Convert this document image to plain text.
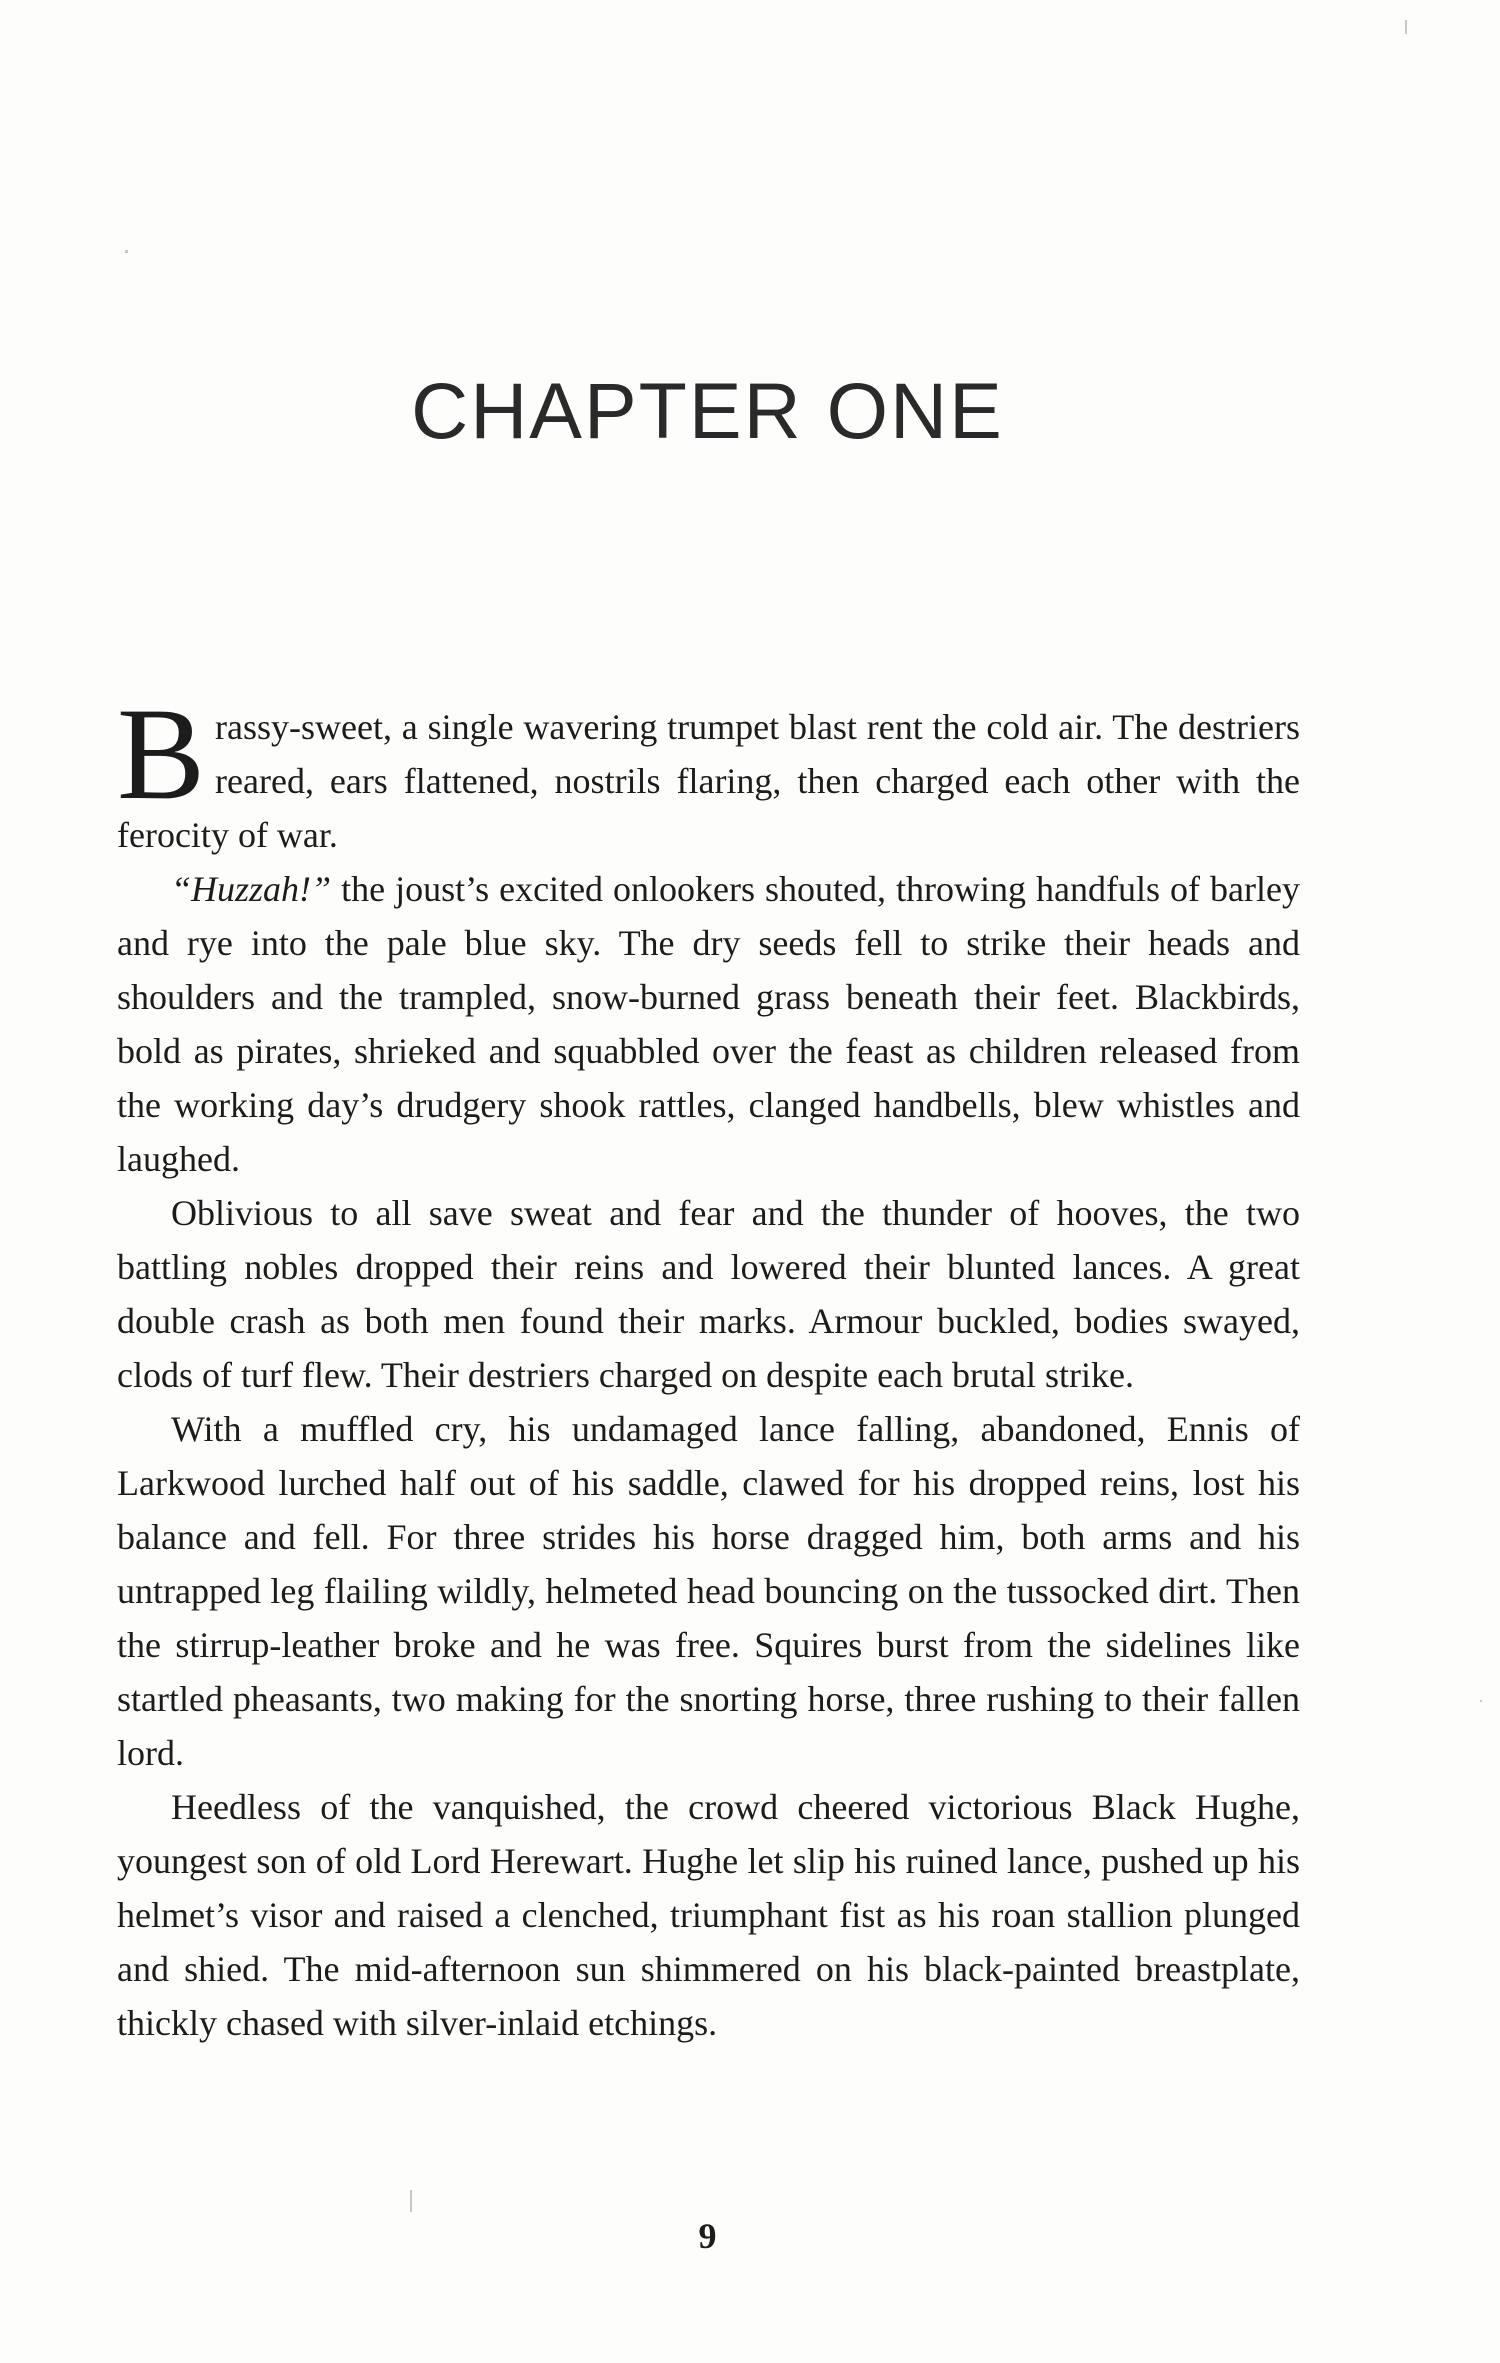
CHAPTER ONE

Brassy-sweet, a single wavering trumpet blast rent the cold air. The destriers reared, ears flattened, nostrils flaring, then charged each other with the ferocity of war.

“Huzzah!” the joust’s excited onlookers shouted, throwing handfuls of barley and rye into the pale blue sky. The dry seeds fell to strike their heads and shoulders and the trampled, snow-burned grass beneath their feet. Blackbirds, bold as pirates, shrieked and squabbled over the feast as children released from the working day’s drudgery shook rattles, clanged handbells, blew whistles and laughed.

Oblivious to all save sweat and fear and the thunder of hooves, the two battling nobles dropped their reins and lowered their blunted lances. A great double crash as both men found their marks. Armour buckled, bodies swayed, clods of turf flew. Their destriers charged on despite each brutal strike.

With a muffled cry, his undamaged lance falling, abandoned, Ennis of Larkwood lurched half out of his saddle, clawed for his dropped reins, lost his balance and fell. For three strides his horse dragged him, both arms and his untrapped leg flailing wildly, helmeted head bouncing on the tussocked dirt. Then the stirrup-leather broke and he was free. Squires burst from the sidelines like startled pheasants, two making for the snorting horse, three rushing to their fallen lord.

Heedless of the vanquished, the crowd cheered victorious Black Hughe, youngest son of old Lord Herewart. Hughe let slip his ruined lance, pushed up his helmet’s visor and raised a clenched, triumphant fist as his roan stallion plunged and shied. The mid-afternoon sun shimmered on his black-painted breastplate, thickly chased with silver-inlaid etchings.

9
